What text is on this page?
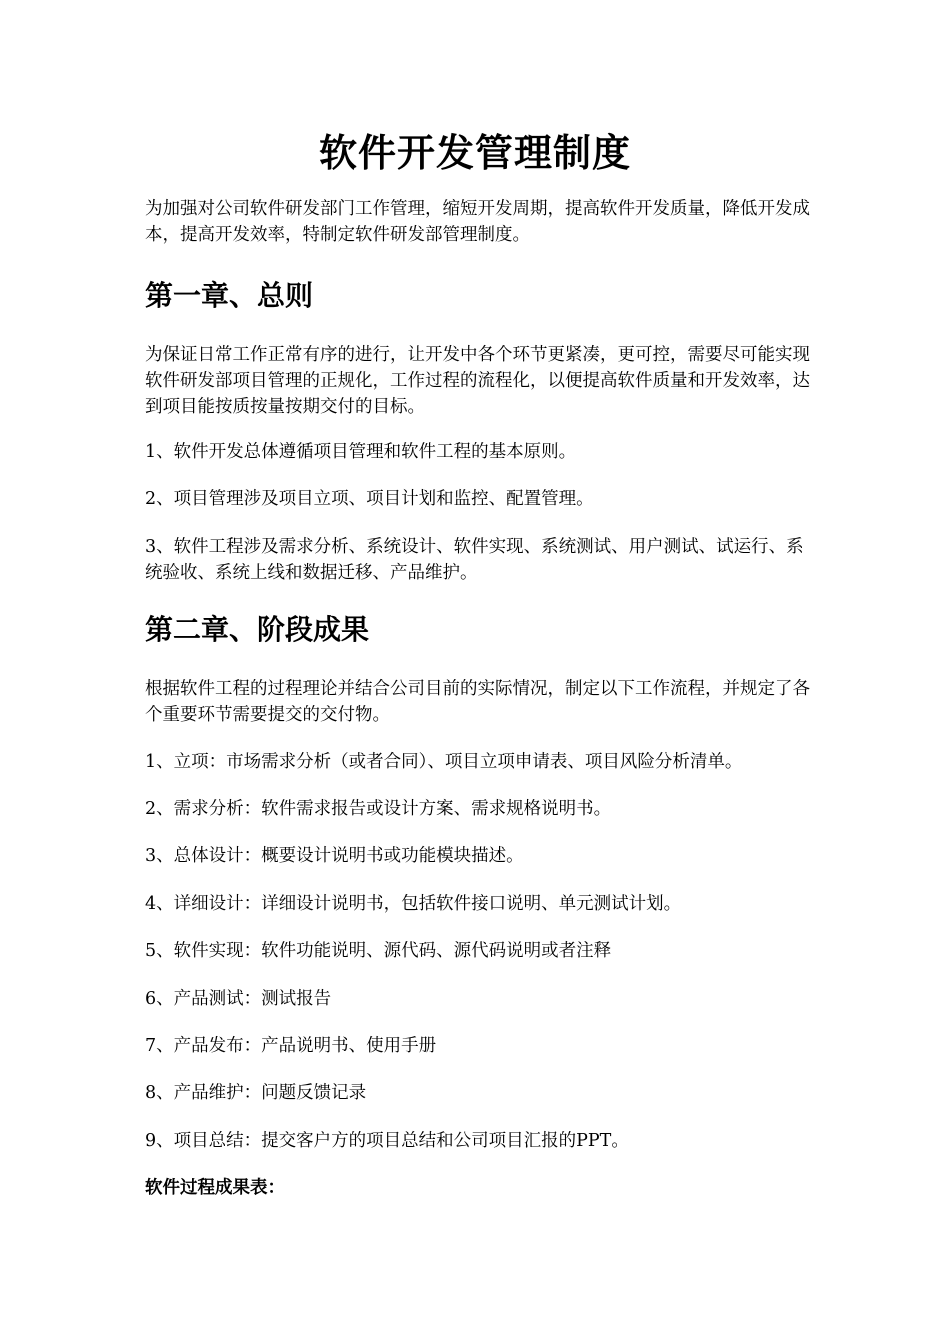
软件开发管理制度

为加强对公司软件研发部门工作管理，缩短开发周期，提高软件开发质量，降低开发成本，提高开发效率，特制定软件研发部管理制度。

第一章、总则

为保证日常工作正常有序的进行，让开发中各个环节更紧凑，更可控，需要尽可能实现软件研发部项目管理的正规化，工作过程的流程化，以便提高软件质量和开发效率，达到项目能按质按量按期交付的目标。

1、软件开发总体遵循项目管理和软件工程的基本原则。

2、项目管理涉及项目立项、项目计划和监控、配置管理。

3、软件工程涉及需求分析、系统设计、软件实现、系统测试、用户测试、试运行、系统验收、系统上线和数据迁移、产品维护。

第二章、阶段成果

根据软件工程的过程理论并结合公司目前的实际情况，制定以下工作流程，并规定了各个重要环节需要提交的交付物。

1、立项：市场需求分析（或者合同）、项目立项申请表、项目风险分析清单。

2、需求分析：软件需求报告或设计方案、需求规格说明书。

3、总体设计：概要设计说明书或功能模块描述。

4、详细设计：详细设计说明书，包括软件接口说明、单元测试计划。

5、软件实现：软件功能说明、源代码、源代码说明或者注释

6、产品测试：测试报告

7、产品发布：产品说明书、使用手册

8、产品维护：问题反馈记录

9、项目总结：提交客户方的项目总结和公司项目汇报的PPT。

软件过程成果表：
